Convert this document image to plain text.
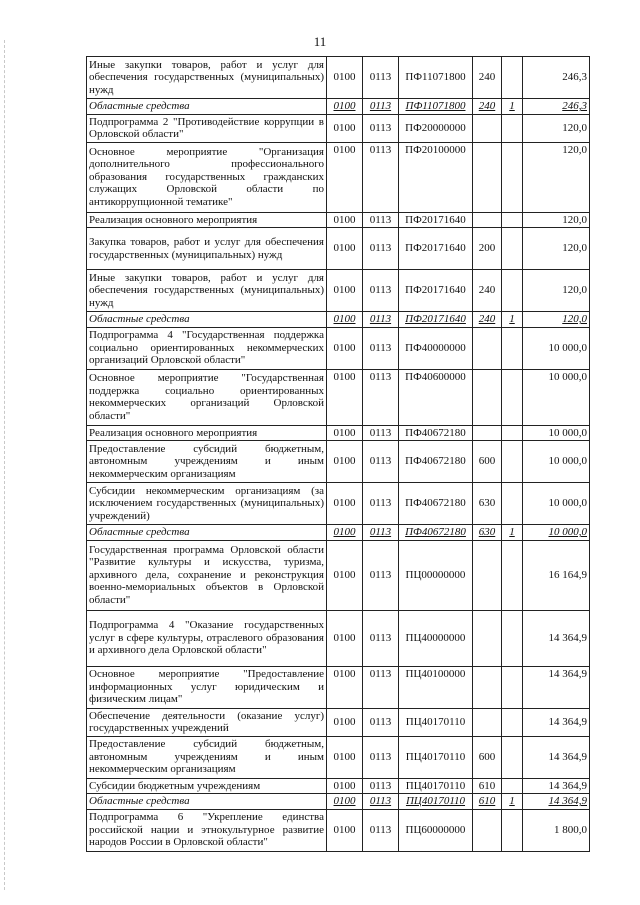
11
Иные закупки товаров, работ и услуг для обеспечения государственных (муниципальных) нужд	0100	0113	ПФ11071800	240		246,3
Областные средства	0100	0113	ПФ11071800	240	1	246,3
Подпрограмма 2 "Противодействие коррупции в Орловской области"	0100	0113	ПФ20000000			120,0
Основное мероприятие "Организация дополнительного профессионального образования государственных гражданских служащих Орловской области по антикоррупционной тематике"	0100	0113	ПФ20100000			120,0
Реализация основного мероприятия	0100	0113	ПФ20171640			120,0
Закупка товаров, работ и услуг для обеспечения государственных (муниципальных) нужд	0100	0113	ПФ20171640	200		120,0
Иные закупки товаров, работ и услуг для обеспечения государственных (муниципальных) нужд	0100	0113	ПФ20171640	240		120,0
Областные средства	0100	0113	ПФ20171640	240	1	120,0
Подпрограмма 4 "Государственная поддержка социально ориентированных некоммерческих организаций Орловской области"	0100	0113	ПФ40000000			10 000,0
Основное мероприятие "Государственная поддержка социально ориентированных некоммерческих организаций Орловской области"	0100	0113	ПФ40600000			10 000,0
Реализация основного мероприятия	0100	0113	ПФ40672180			10 000,0
Предоставление субсидий бюджетным, автономным учреждениям и иным некоммерческим организациям	0100	0113	ПФ40672180	600		10 000,0
Субсидии некоммерческим организациям (за исключением государственных (муниципальных) учреждений)	0100	0113	ПФ40672180	630		10 000,0
Областные средства	0100	0113	ПФ40672180	630	1	10 000,0
Государственная программа Орловской области "Развитие культуры и искусства, туризма, архивного дела, сохранение и реконструкция военно-мемориальных объектов в Орловской области"	0100	0113	ПЦ00000000			16 164,9
Подпрограмма 4 "Оказание государственных услуг в сфере культуры, отраслевого образования и архивного дела Орловской области"	0100	0113	ПЦ40000000			14 364,9
Основное мероприятие "Предоставление информационных услуг юридическим и физическим лицам"	0100	0113	ПЦ40100000			14 364,9
Обеспечение деятельности (оказание услуг) государственных учреждений	0100	0113	ПЦ40170110			14 364,9
Предоставление субсидий бюджетным, автономным учреждениям и иным некоммерческим организациям	0100	0113	ПЦ40170110	600		14 364,9
Субсидии бюджетным учреждениям	0100	0113	ПЦ40170110	610		14 364,9
Областные средства	0100	0113	ПЦ40170110	610	1	14 364,9
Подпрограмма 6 "Укрепление единства российской нации и этнокультурное развитие народов России в Орловской области"	0100	0113	ПЦ60000000			1 800,0
